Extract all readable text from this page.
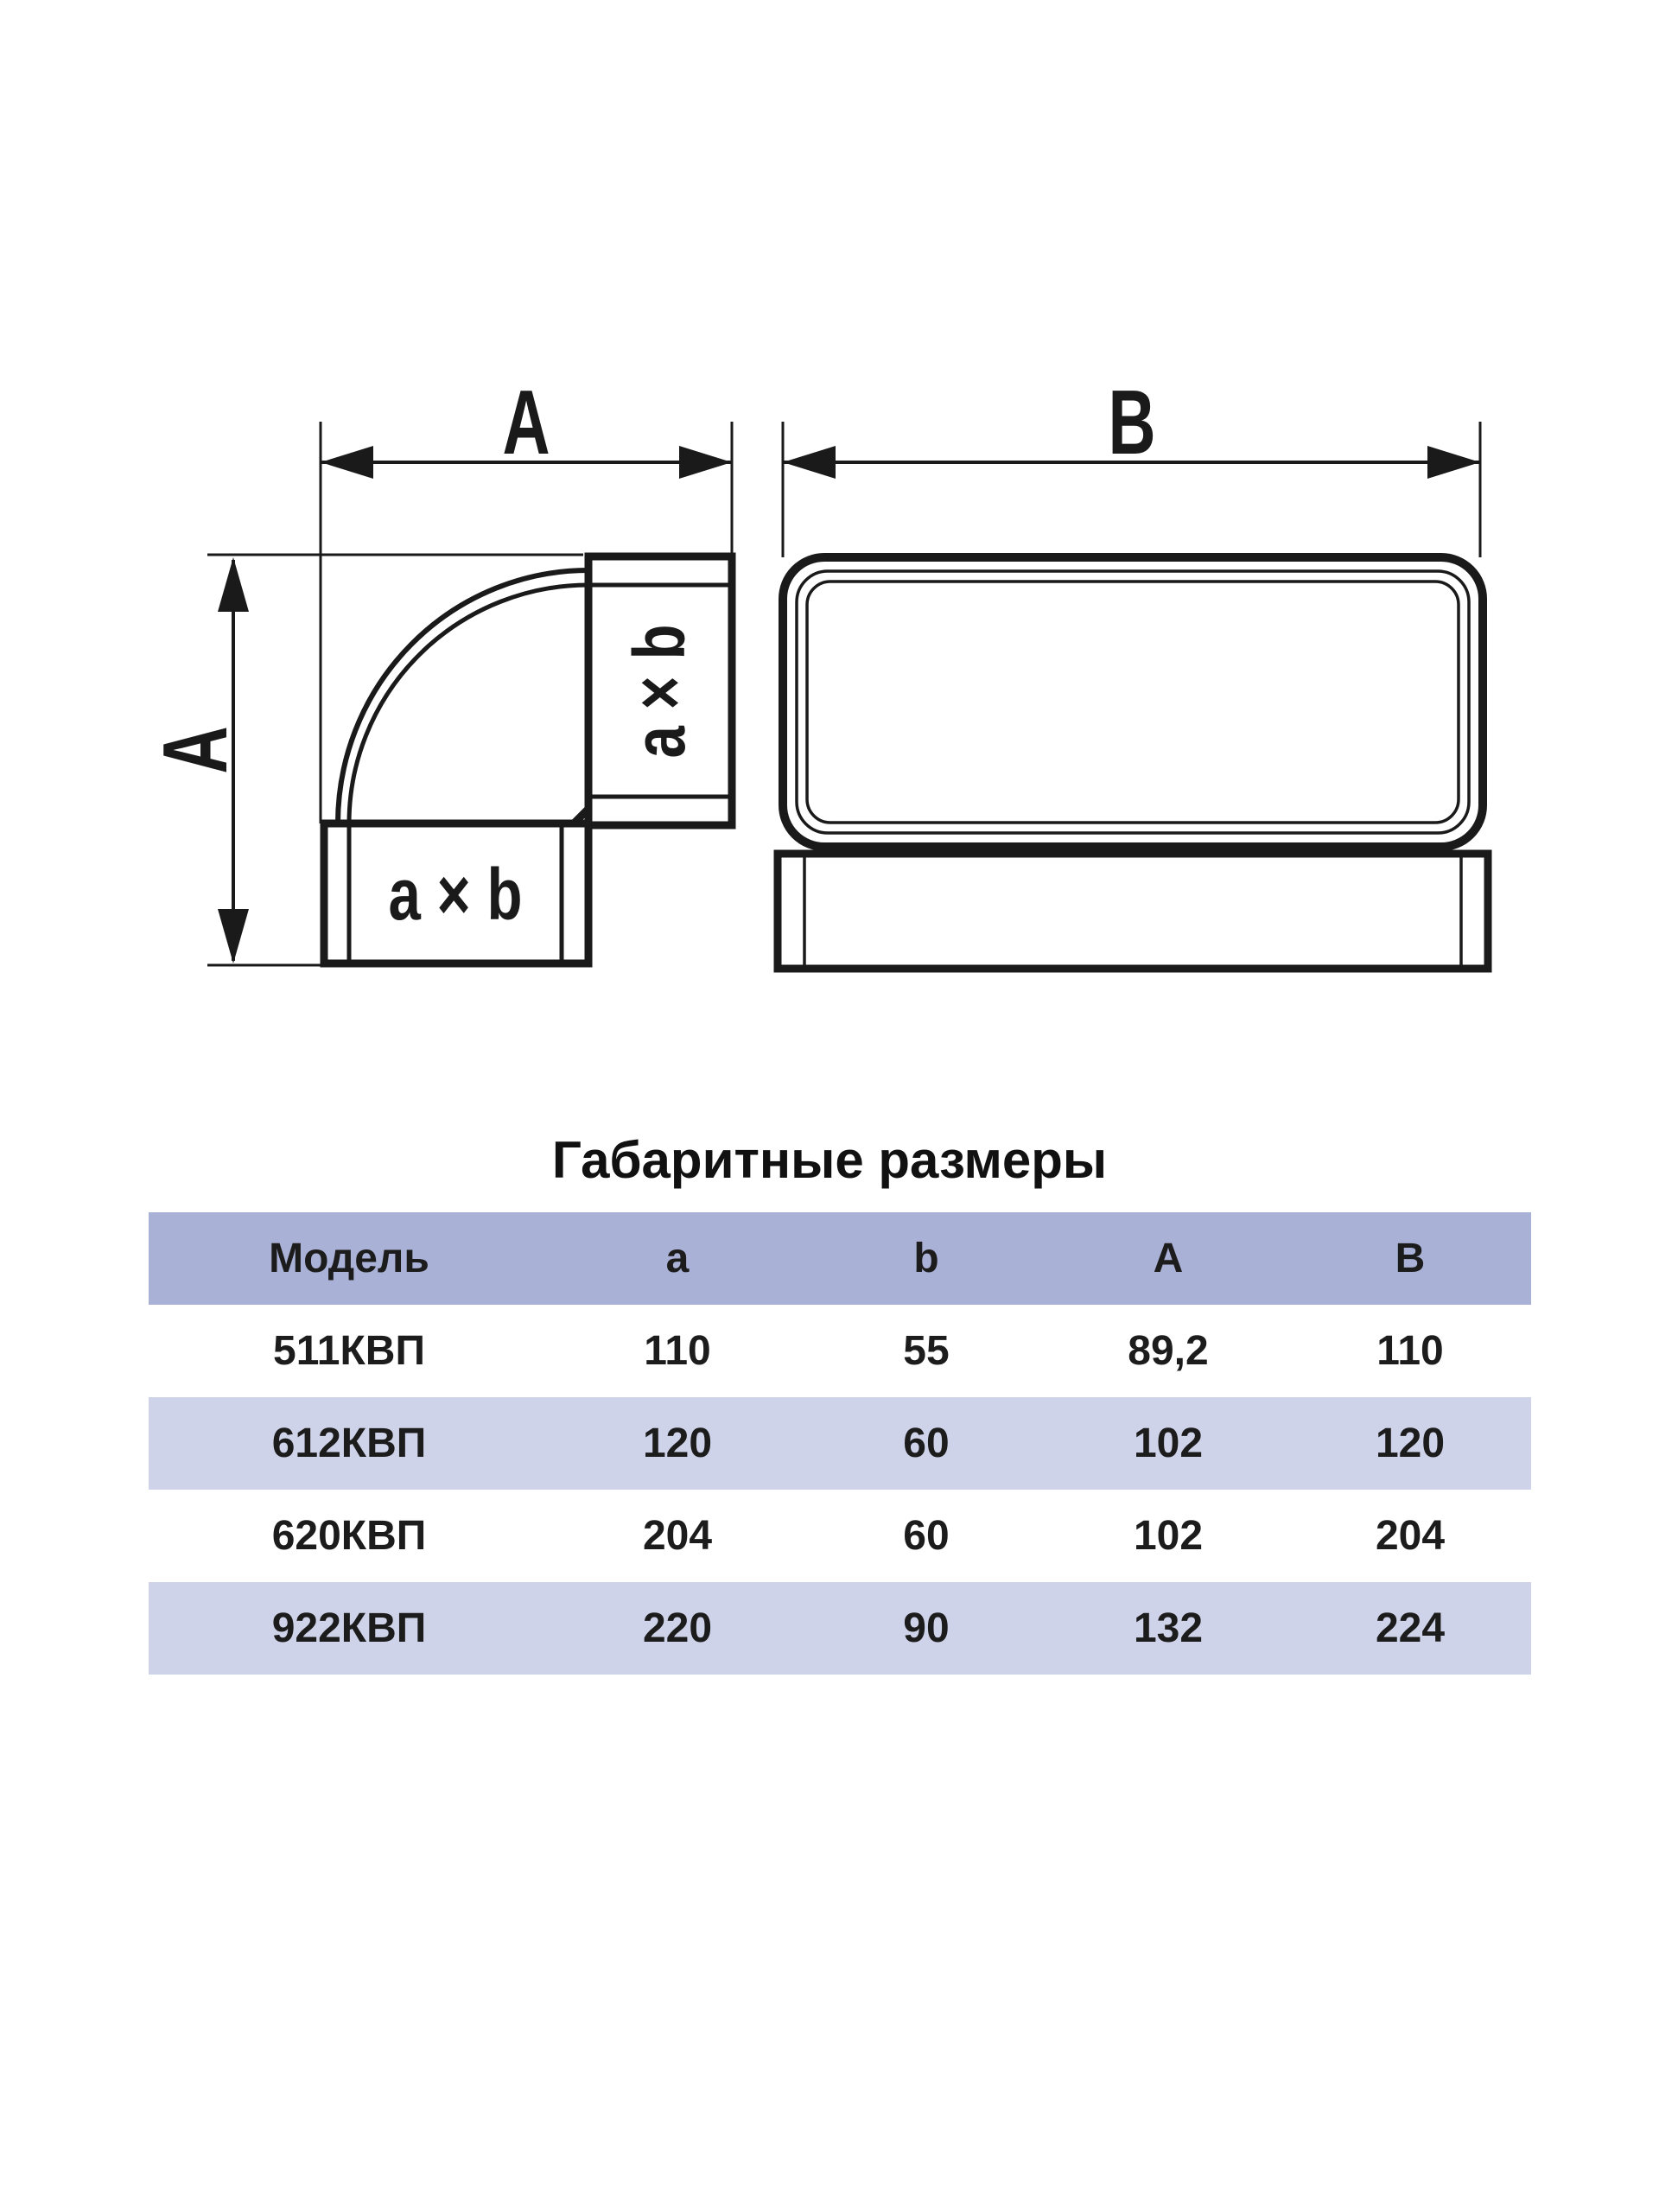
A
A
a × b
a × b
B
Габаритные размеры
Модель	a	b	A	B
511КВП	110	55	89,2	110
612КВП	120	60	102	120
620КВП	204	60	102	204
922КВП	220	90	132	224
